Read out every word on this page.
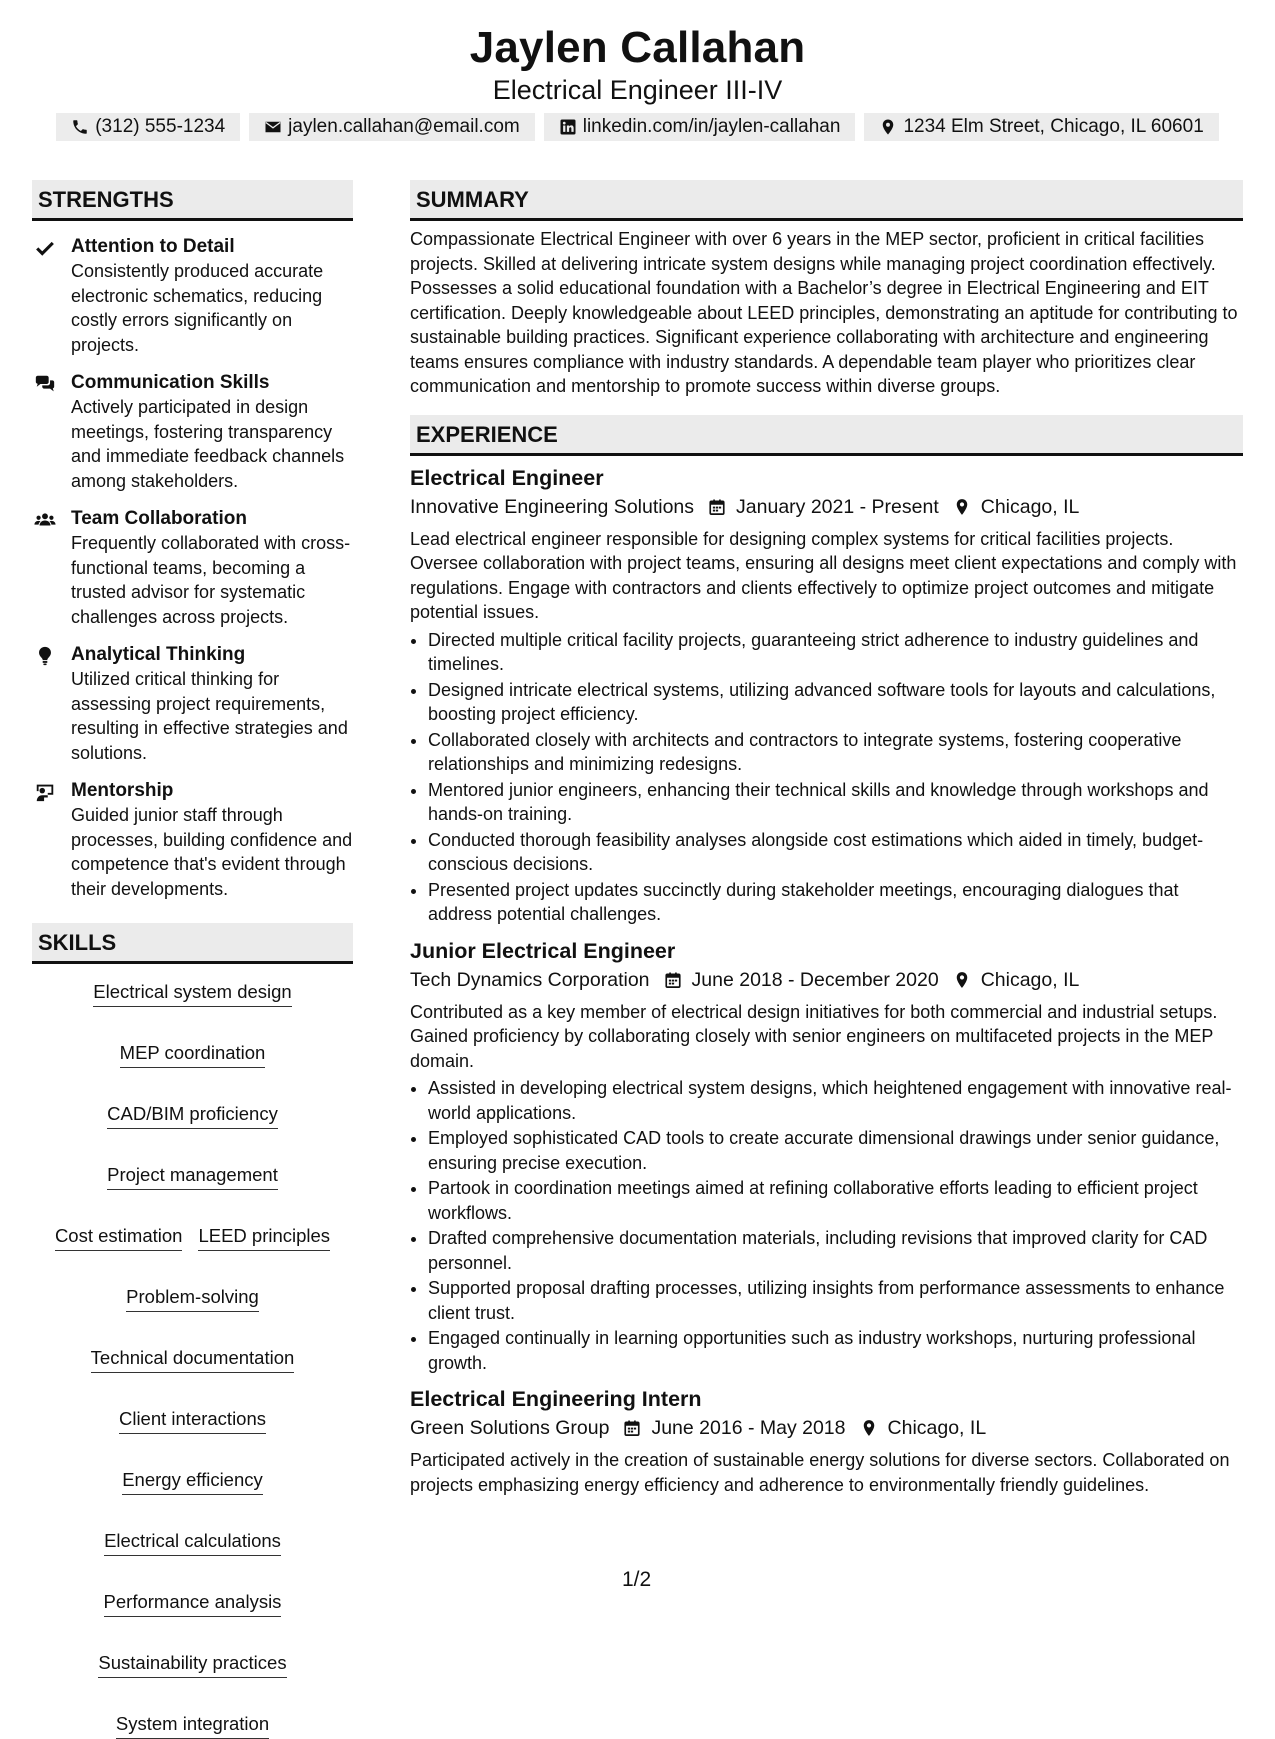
Jaylen Callahan
Electrical Engineer III-IV
(312) 555-1234	jaylen.callahan@email.com	linkedin.com/in/jaylen-callahan	1234 Elm Street, Chicago, IL 60601
STRENGTHS
Attention to Detail
Consistently produced accurate electronic schematics, reducing costly errors significantly on projects.
Communication Skills
Actively participated in design meetings, fostering transparency and immediate feedback channels among stakeholders.
Team Collaboration
Frequently collaborated with cross-functional teams, becoming a trusted advisor for systematic challenges across projects.
Analytical Thinking
Utilized critical thinking for assessing project requirements, resulting in effective strategies and solutions.
Mentorship
Guided junior staff through processes, building confidence and competence that's evident through their developments.
SKILLS
Electrical system design
MEP coordination
CAD/BIM proficiency
Project management
Cost estimation LEED principles
Problem-solving
Technical documentation
Client interactions
Energy efficiency
Electrical calculations
Performance analysis
Sustainability practices
System integration
SUMMARY
Compassionate Electrical Engineer with over 6 years in the MEP sector, proficient in critical facilities projects. Skilled at delivering intricate system designs while managing project coordination effectively. Possesses a solid educational foundation with a Bachelor’s degree in Electrical Engineering and EIT certification. Deeply knowledgeable about LEED principles, demonstrating an aptitude for contributing to sustainable building practices. Significant experience collaborating with architecture and engineering teams ensures compliance with industry standards. A dependable team player who prioritizes clear communication and mentorship to promote success within diverse groups.
EXPERIENCE
Electrical Engineer
Innovative Engineering Solutions January 2021 - Present Chicago, IL
Lead electrical engineer responsible for designing complex systems for critical facilities projects. Oversee collaboration with project teams, ensuring all designs meet client expectations and comply with regulations. Engage with contractors and clients effectively to optimize project outcomes and mitigate potential issues.
• Directed multiple critical facility projects, guaranteeing strict adherence to industry guidelines and timelines.
• Designed intricate electrical systems, utilizing advanced software tools for layouts and calculations, boosting project efficiency.
• Collaborated closely with architects and contractors to integrate systems, fostering cooperative relationships and minimizing redesigns.
• Mentored junior engineers, enhancing their technical skills and knowledge through workshops and hands-on training.
• Conducted thorough feasibility analyses alongside cost estimations which aided in timely, budget-conscious decisions.
• Presented project updates succinctly during stakeholder meetings, encouraging dialogues that address potential challenges.
Junior Electrical Engineer
Tech Dynamics Corporation June 2018 - December 2020 Chicago, IL
Contributed as a key member of electrical design initiatives for both commercial and industrial setups. Gained proficiency by collaborating closely with senior engineers on multifaceted projects in the MEP domain.
• Assisted in developing electrical system designs, which heightened engagement with innovative real-world applications.
• Employed sophisticated CAD tools to create accurate dimensional drawings under senior guidance, ensuring precise execution.
• Partook in coordination meetings aimed at refining collaborative efforts leading to efficient project workflows.
• Drafted comprehensive documentation materials, including revisions that improved clarity for CAD personnel.
• Supported proposal drafting processes, utilizing insights from performance assessments to enhance client trust.
• Engaged continually in learning opportunities such as industry workshops, nurturing professional growth.
Electrical Engineering Intern
Green Solutions Group June 2016 - May 2018 Chicago, IL
Participated actively in the creation of sustainable energy solutions for diverse sectors. Collaborated on projects emphasizing energy efficiency and adherence to environmentally friendly guidelines.
1/2
